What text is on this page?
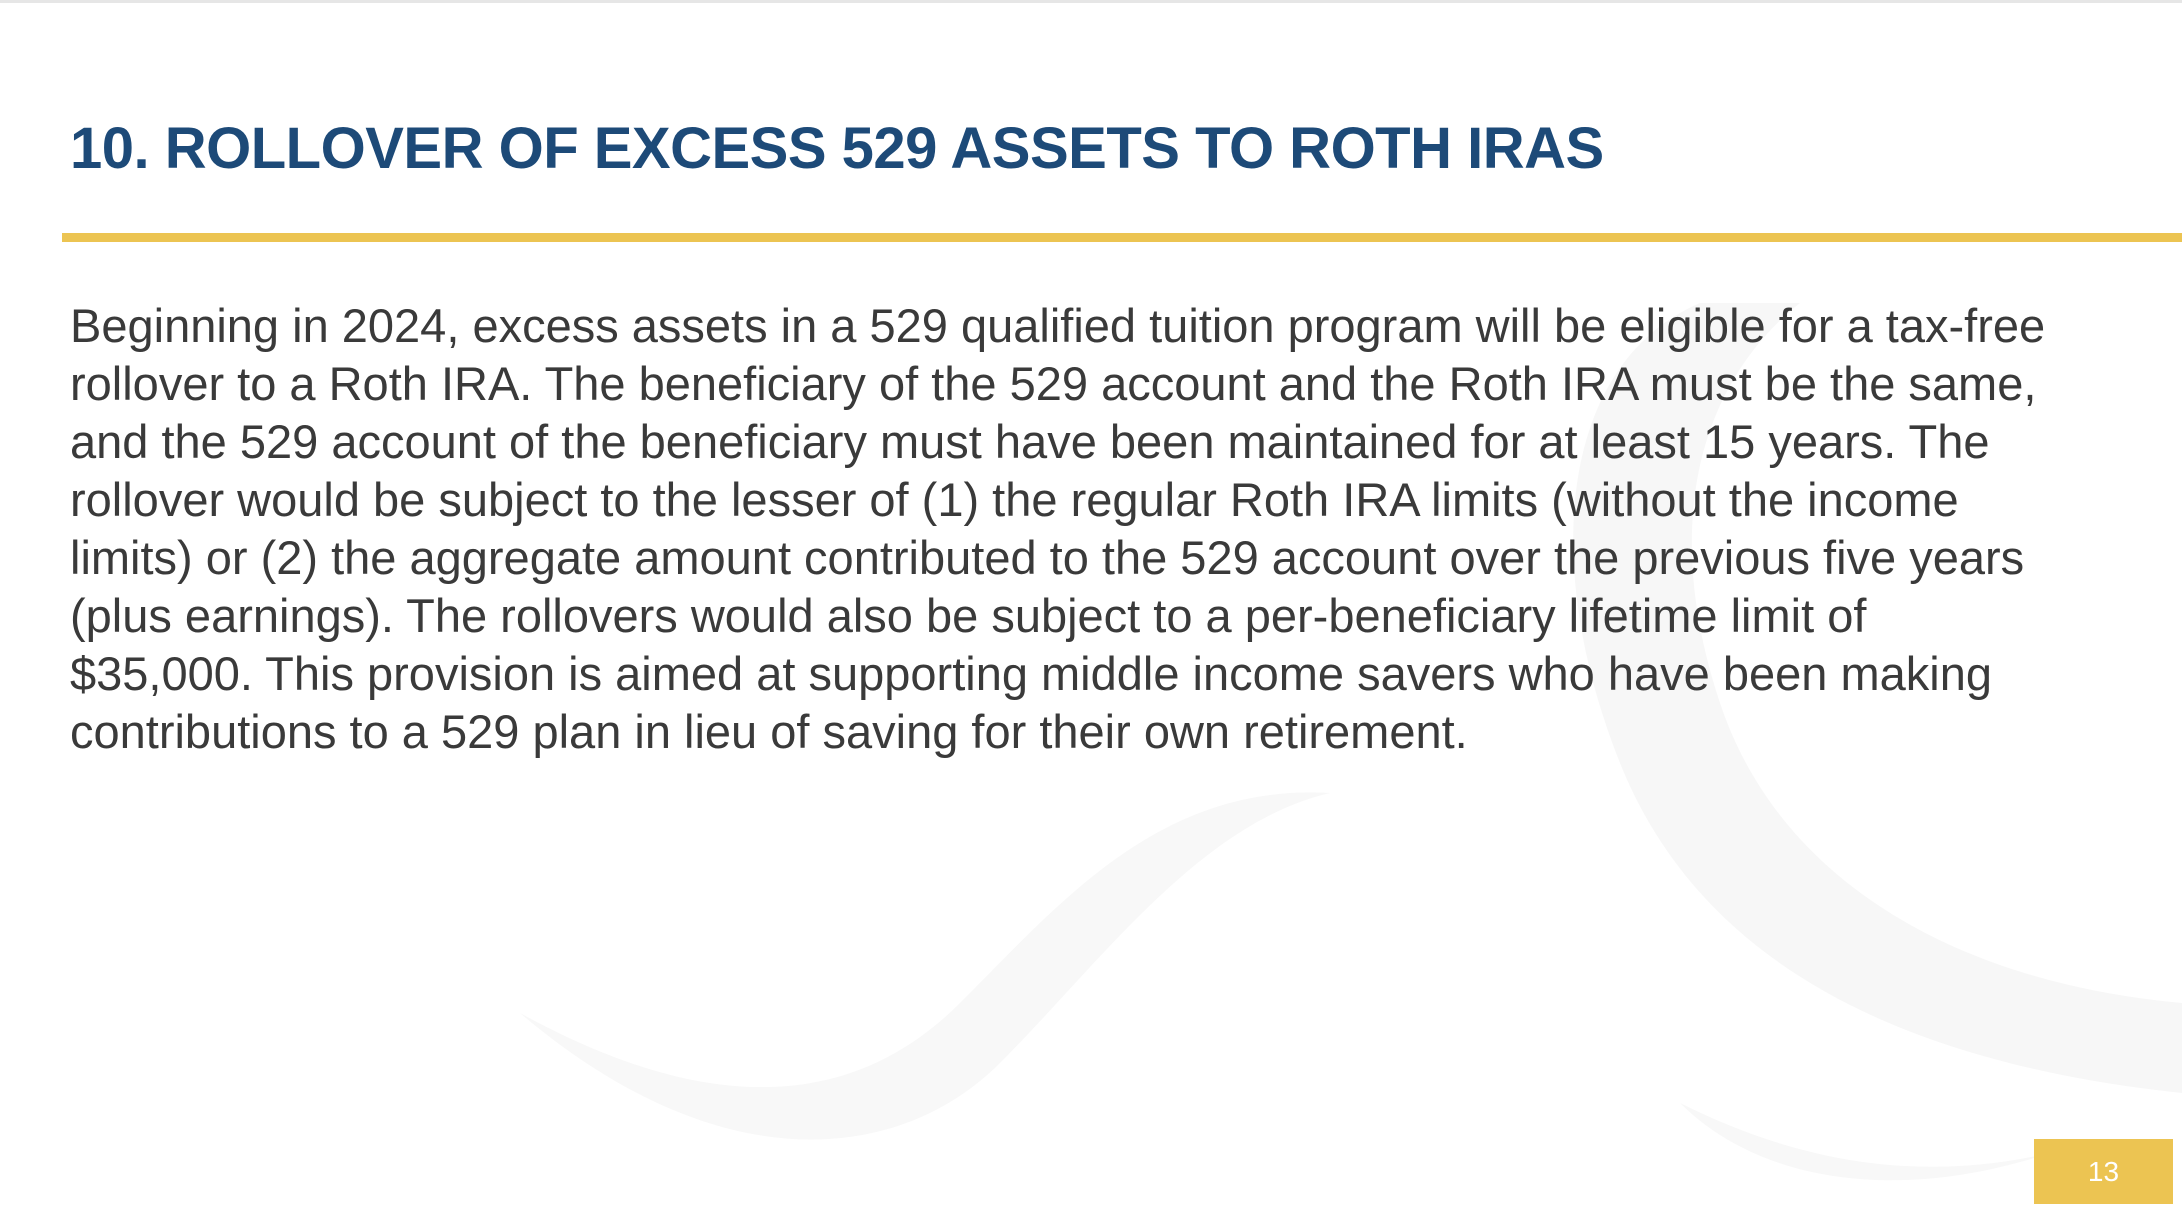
10. ROLLOVER OF EXCESS 529 ASSETS TO ROTH IRAS

Beginning in 2024, excess assets in a 529 qualified tuition program will be eligible for a tax-free
rollover to a Roth IRA. The beneficiary of the 529 account and the Roth IRA must be the same,
and the 529 account of the beneficiary must have been maintained for at least 15 years. The
rollover would be subject to the lesser of (1) the regular Roth IRA limits (without the income
limits) or (2) the aggregate amount contributed to the 529 account over the previous five years
(plus earnings). The rollovers would also be subject to a per-beneficiary lifetime limit of
$35,000. This provision is aimed at supporting middle income savers who have been making
contributions to a 529 plan in lieu of saving for their own retirement.

13
